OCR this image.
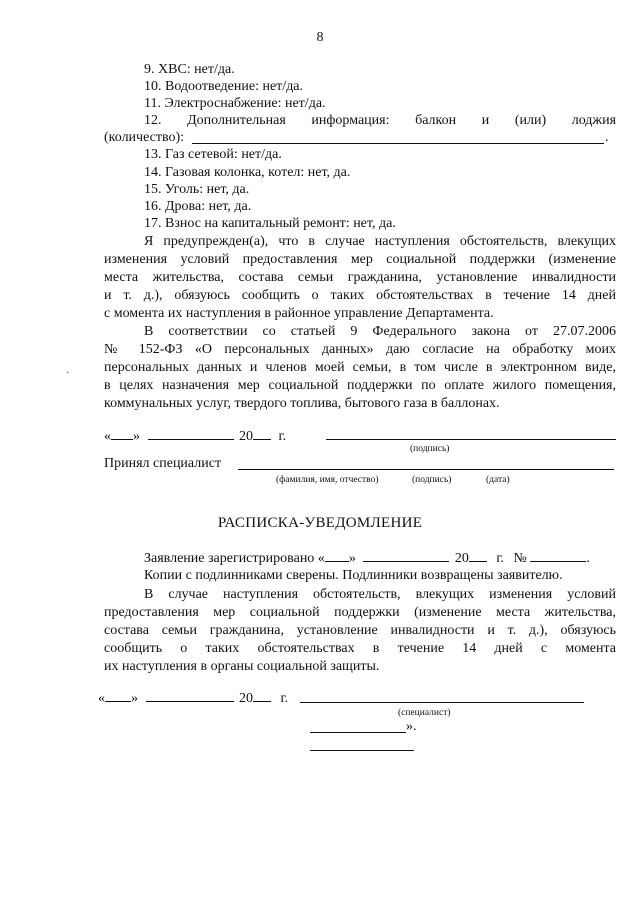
8
9. ХВС: нет/да.
10. Водоотведение: нет/да.
11. Электроснабжение: нет/да.
12. Дополнительная информация: балкон и (или) лоджия
(количество):	.
13. Газ сетевой: нет/да.
14. Газовая колонка, котел: нет, да.
15. Уголь: нет, да.
16. Дрова: нет, да.
17. Взнос на капитальный ремонт: нет, да.
Я предупрежден(а), что в случае наступления обстоятельств, влекущих
изменения условий предоставления мер социальной поддержки (изменение
места жительства, состава семьи гражданина, установление инвалидности
и т. д.), обязуюсь сообщить о таких обстоятельствах в течение 14 дней
с момента их наступления в районное управление Департамента.
В соответствии со статьей 9 Федерального закона от 27.07.2006
№ 152-ФЗ «О персональных данных» даю согласие на обработку моих
персональных данных и членов моей семьи, в том числе в электронном виде,
в целях назначения мер социальной поддержки по оплате жилого помещения,
коммунальных услуг, твердого топлива, бытового газа в баллонах.
« »	20 г.
(подпись)
Принял специалист
(фамилия, имя, отчество)	(подпись)	(дата)
·
РАСПИСКА-УВЕДОМЛЕНИЕ
Заявление зарегистрировано « »	20 г. №	.
Копии с подлинниками сверены. Подлинники возвращены заявителю.
В случае наступления обстоятельств, влекущих изменения условий
предоставления мер социальной поддержки (изменение места жительства,
состава семьи гражданина, установление инвалидности и т. д.), обязуюсь
сообщить о таких обстоятельствах в течение 14 дней с момента
их наступления в органы социальной защиты.
« »	20 г.
(специалист)
».
